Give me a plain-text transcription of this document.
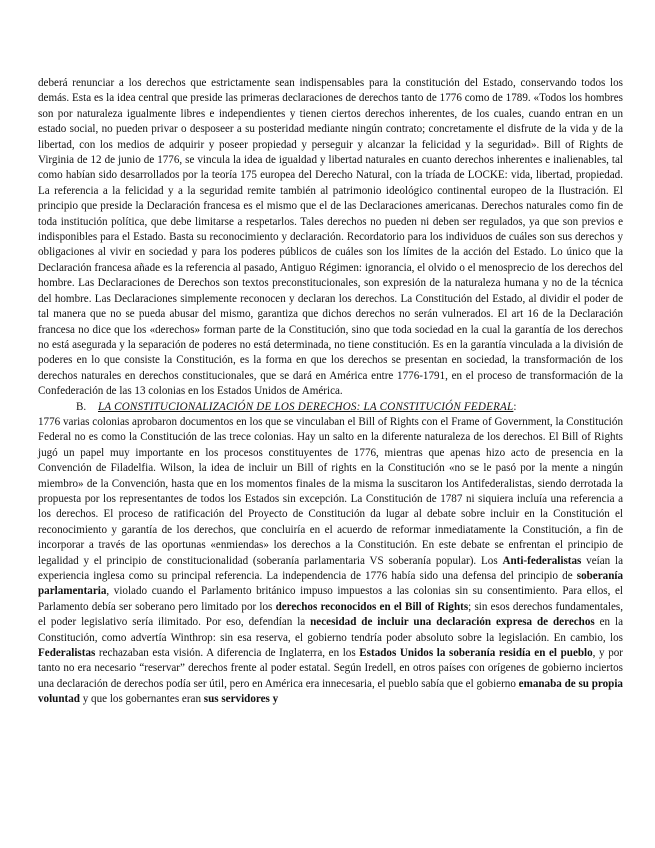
deberá renunciar a los derechos que estrictamente sean indispensables para la constitución del Estado, conservando todos los demás. Esta es la idea central que preside las primeras declaraciones de derechos tanto de 1776 como de 1789. «Todos los hombres son por naturaleza igualmente libres e independientes y tienen ciertos derechos inherentes, de los cuales, cuando entran en un estado social, no pueden privar o desposeer a su posteridad mediante ningún contrato; concretamente el disfrute de la vida y de la libertad, con los medios de adquirir y poseer propiedad y perseguir y alcanzar la felicidad y la seguridad». Bill of Rights de Virginia de 12 de junio de 1776, se vincula la idea de igualdad y libertad naturales en cuanto derechos inherentes e inalienables, tal como habían sido desarrollados por la teoría 175 europea del Derecho Natural, con la tríada de LOCKE: vida, libertad, propiedad. La referencia a la felicidad y a la seguridad remite también al patrimonio ideológico continental europeo de la Ilustración. El principio que preside la Declaración francesa es el mismo que el de las Declaraciones americanas. Derechos naturales como fin de toda institución política, que debe limitarse a respetarlos. Tales derechos no pueden ni deben ser regulados, ya que son previos e indisponibles para el Estado. Basta su reconocimiento y declaración. Recordatorio para los individuos de cuáles son sus derechos y obligaciones al vivir en sociedad y para los poderes públicos de cuáles son los límites de la acción del Estado. Lo único que la Declaración francesa añade es la referencia al pasado, Antiguo Régimen: ignorancia, el olvido o el menosprecio de los derechos del hombre. Las Declaraciones de Derechos son textos preconstitucionales, son expresión de la naturaleza humana y no de la técnica del hombre. Las Declaraciones simplemente reconocen y declaran los derechos. La Constitución del Estado, al dividir el poder de tal manera que no se pueda abusar del mismo, garantiza que dichos derechos no serán vulnerados. El art 16 de la Declaración francesa no dice que los «derechos» forman parte de la Constitución, sino que toda sociedad en la cual la garantía de los derechos no está asegurada y la separación de poderes no está determinada, no tiene constitución. Es en la garantía vinculada a la división de poderes en lo que consiste la Constitución, es la forma en que los derechos se presentan en sociedad, la transformación de los derechos naturales en derechos constitucionales, que se dará en América entre 1776-1791, en el proceso de transformación de la Confederación de las 13 colonias en los Estados Unidos de América.

B.	LA CONSTITUCIONALIZACIÓN DE LOS DERECHOS: LA CONSTITUCIÓN FEDERAL:

1776 varias colonias aprobaron documentos en los que se vinculaban el Bill of Rights con el Frame of Government, la Constitución Federal no es como la Constitución de las trece colonias. Hay un salto en la diferente naturaleza de los derechos. El Bill of Rights jugó un papel muy importante en los procesos constituyentes de 1776, mientras que apenas hizo acto de presencia en la Convención de Filadelfia. Wilson, la idea de incluir un Bill of rights en la Constitución «no se le pasó por la mente a ningún miembro» de la Convención, hasta que en los momentos finales de la misma la suscitaron los Antifederalistas, siendo derrotada la propuesta por los representantes de todos los Estados sin excepción. La Constitución de 1787 ni siquiera incluía una referencia a los derechos. El proceso de ratificación del Proyecto de Constitución da lugar al debate sobre incluir en la Constitución el reconocimiento y garantía de los derechos, que concluiría en el acuerdo de reformar inmediatamente la Constitución, a fin de incorporar a través de las oportunas «enmiendas» los derechos a la Constitución. En este debate se enfrentan el principio de legalidad y el principio de constitucionalidad (soberanía parlamentaria VS soberanía popular). Los Anti-federalistas veían la experiencia inglesa como su principal referencia. La independencia de 1776 había sido una defensa del principio de soberanía parlamentaria, violado cuando el Parlamento británico impuso impuestos a las colonias sin su consentimiento. Para ellos, el Parlamento debía ser soberano pero limitado por los derechos reconocidos en el Bill of Rights; sin esos derechos fundamentales, el poder legislativo sería ilimitado. Por eso, defendían la necesidad de incluir una declaración expresa de derechos en la Constitución, como advertía Winthrop: sin esa reserva, el gobierno tendría poder absoluto sobre la legislación. En cambio, los Federalistas rechazaban esta visión. A diferencia de Inglaterra, en los Estados Unidos la soberanía residía en el pueblo, y por tanto no era necesario “reservar” derechos frente al poder estatal. Según Iredell, en otros países con orígenes de gobierno inciertos una declaración de derechos podía ser útil, pero en América era innecesaria, el pueblo sabía que el gobierno emanaba de su propia voluntad y que los gobernantes eran sus servidores y
